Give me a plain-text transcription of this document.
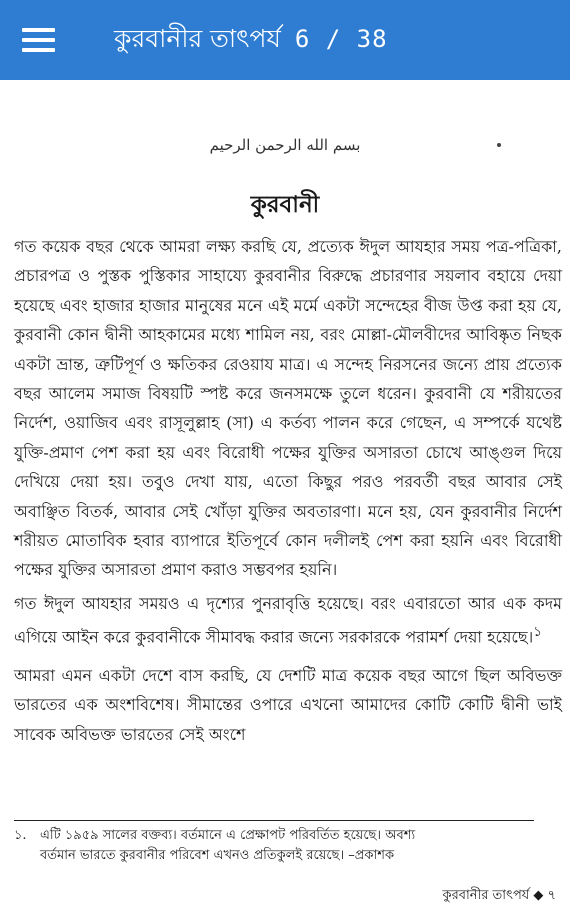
কুরবানীর তাৎপর্য 6 / 38
بسم الله الرحمن الرحيم
কুরবানী

গত কয়েক বছর থেকে আমরা লক্ষ্য করছি যে, প্রত্যেক ঈদুল আযহার সময় পত্র-পত্রিকা, প্রচারপত্র ও পুস্তক পুস্তিকার সাহায্যে কুরবানীর বিরুদ্ধে প্রচারণার সয়লাব বহায়ে দেয়া হয়েছে এবং হাজার হাজার মানুষের মনে এই মর্মে একটা সন্দেহের বীজ উপ্ত করা হয় যে, কুরবানী কোন দ্বীনী আহকামের মধ্যে শামিল নয়, বরং মোল্লা-মৌলবীদের আবিষ্কৃত নিছক একটা ভ্রান্ত, ত্রুটিপূর্ণ ও ক্ষতিকর রেওয়ায মাত্র। এ সন্দেহ নিরসনের জন্যে প্রায় প্রত্যেক বছর আলেম সমাজ বিষয়টি স্পষ্ট করে জনসমক্ষে তুলে ধরেন। কুরবানী যে শরীয়তের নির্দেশ, ওয়াজিব এবং রাসূলুল্লাহ (সা) এ কর্তব্য পালন করে গেছেন, এ সম্পর্কে যথেষ্ট যুক্তি-প্রমাণ পেশ করা হয় এবং বিরোধী পক্ষের যুক্তির অসারতা চোখে আঙ্গুল দিয়ে দেখিয়ে দেয়া হয়। তবুও দেখা যায়, এতো কিছুর পরও পরবর্তী বছর আবার সেই অবাঞ্ছিত বিতর্ক, আবার সেই খোঁড়া যুক্তির অবতারণা। মনে হয়, যেন কুরবানীর নির্দেশ শরীয়ত মোতাবিক হবার ব্যাপারে ইতিপূর্বে কোন দলীলই পেশ করা হয়নি এবং বিরোধী পক্ষের যুক্তির অসারতা প্রমাণ করাও সম্ভবপর হয়নি।

গত ঈদুল আযহার সময়ও এ দৃশ্যের পুনরাবৃত্তি হয়েছে। বরং এবারতো আর এক কদম এগিয়ে আইন করে কুরবানীকে সীমাবদ্ধ করার জন্যে সরকারকে পরামর্শ দেয়া হয়েছে।$^১$

আমরা এমন একটা দেশে বাস করছি, যে দেশটি মাত্র কয়েক বছর আগে ছিল অবিভক্ত ভারতের এক অংশবিশেষ। সীমান্তের ওপারে এখনো আমাদের কোটি কোটি দ্বীনী ভাই সাবেক অবিভক্ত ভারতের সেই অংশে

১. এটি ১৯৫৯ সালের বক্তব্য। বর্তমানে এ প্রেক্ষাপট পরিবর্তিত হয়েছে। অবশ্য
বর্তমান ভারতে কুরবানীর পরিবেশ এখনও প্রতিকুলই রয়েছে। –প্রকাশক
কুরবানীর তাৎপর্য ◆ ৭
